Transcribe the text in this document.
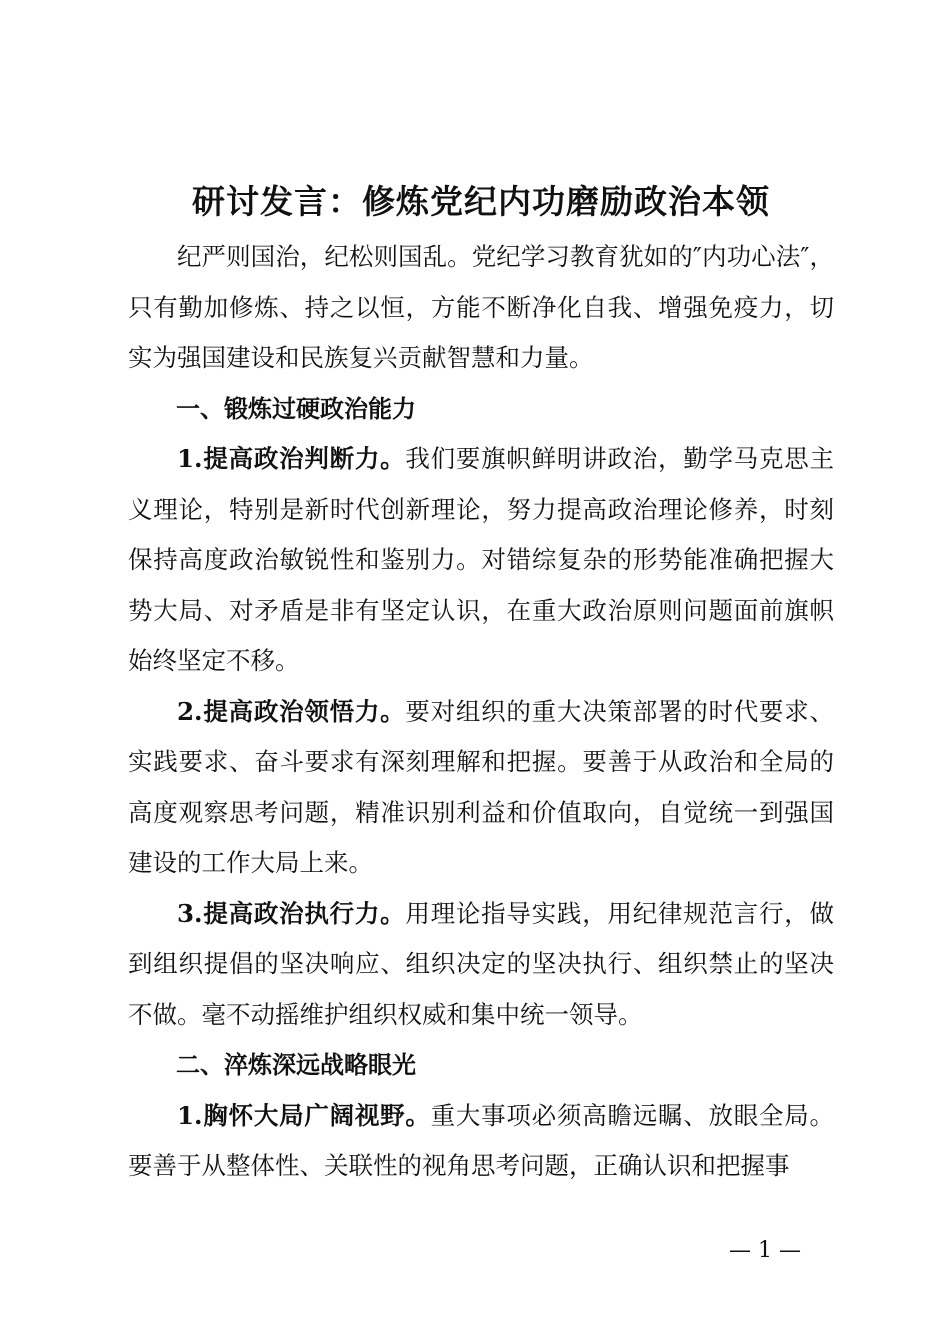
研讨发言：修炼党纪内功磨励政治本领

纪严则国治，纪松则国乱。党纪学习教育犹如的″内功心法″，只有勤加修炼、持之以恒，方能不断净化自我、增强免疫力，切实为强国建设和民族复兴贡献智慧和力量。

一、锻炼过硬政治能力

1.提高政治判断力。我们要旗帜鲜明讲政治，勤学马克思主义理论，特别是新时代创新理论，努力提高政治理论修养，时刻保持高度政治敏锐性和鉴别力。对错综复杂的形势能准确把握大势大局、对矛盾是非有坚定认识，在重大政治原则问题面前旗帜始终坚定不移。

2.提高政治领悟力。要对组织的重大决策部署的时代要求、实践要求、奋斗要求有深刻理解和把握。要善于从政治和全局的高度观察思考问题，精准识别利益和价值取向，自觉统一到强国建设的工作大局上来。

3.提高政治执行力。用理论指导实践，用纪律规范言行，做到组织提倡的坚决响应、组织决定的坚决执行、组织禁止的坚决不做。毫不动摇维护组织权威和集中统一领导。

二、淬炼深远战略眼光

1.胸怀大局广阔视野。重大事项必须高瞻远瞩、放眼全局。要善于从整体性、关联性的视角思考问题，正确认识和把握事

— 1 —
